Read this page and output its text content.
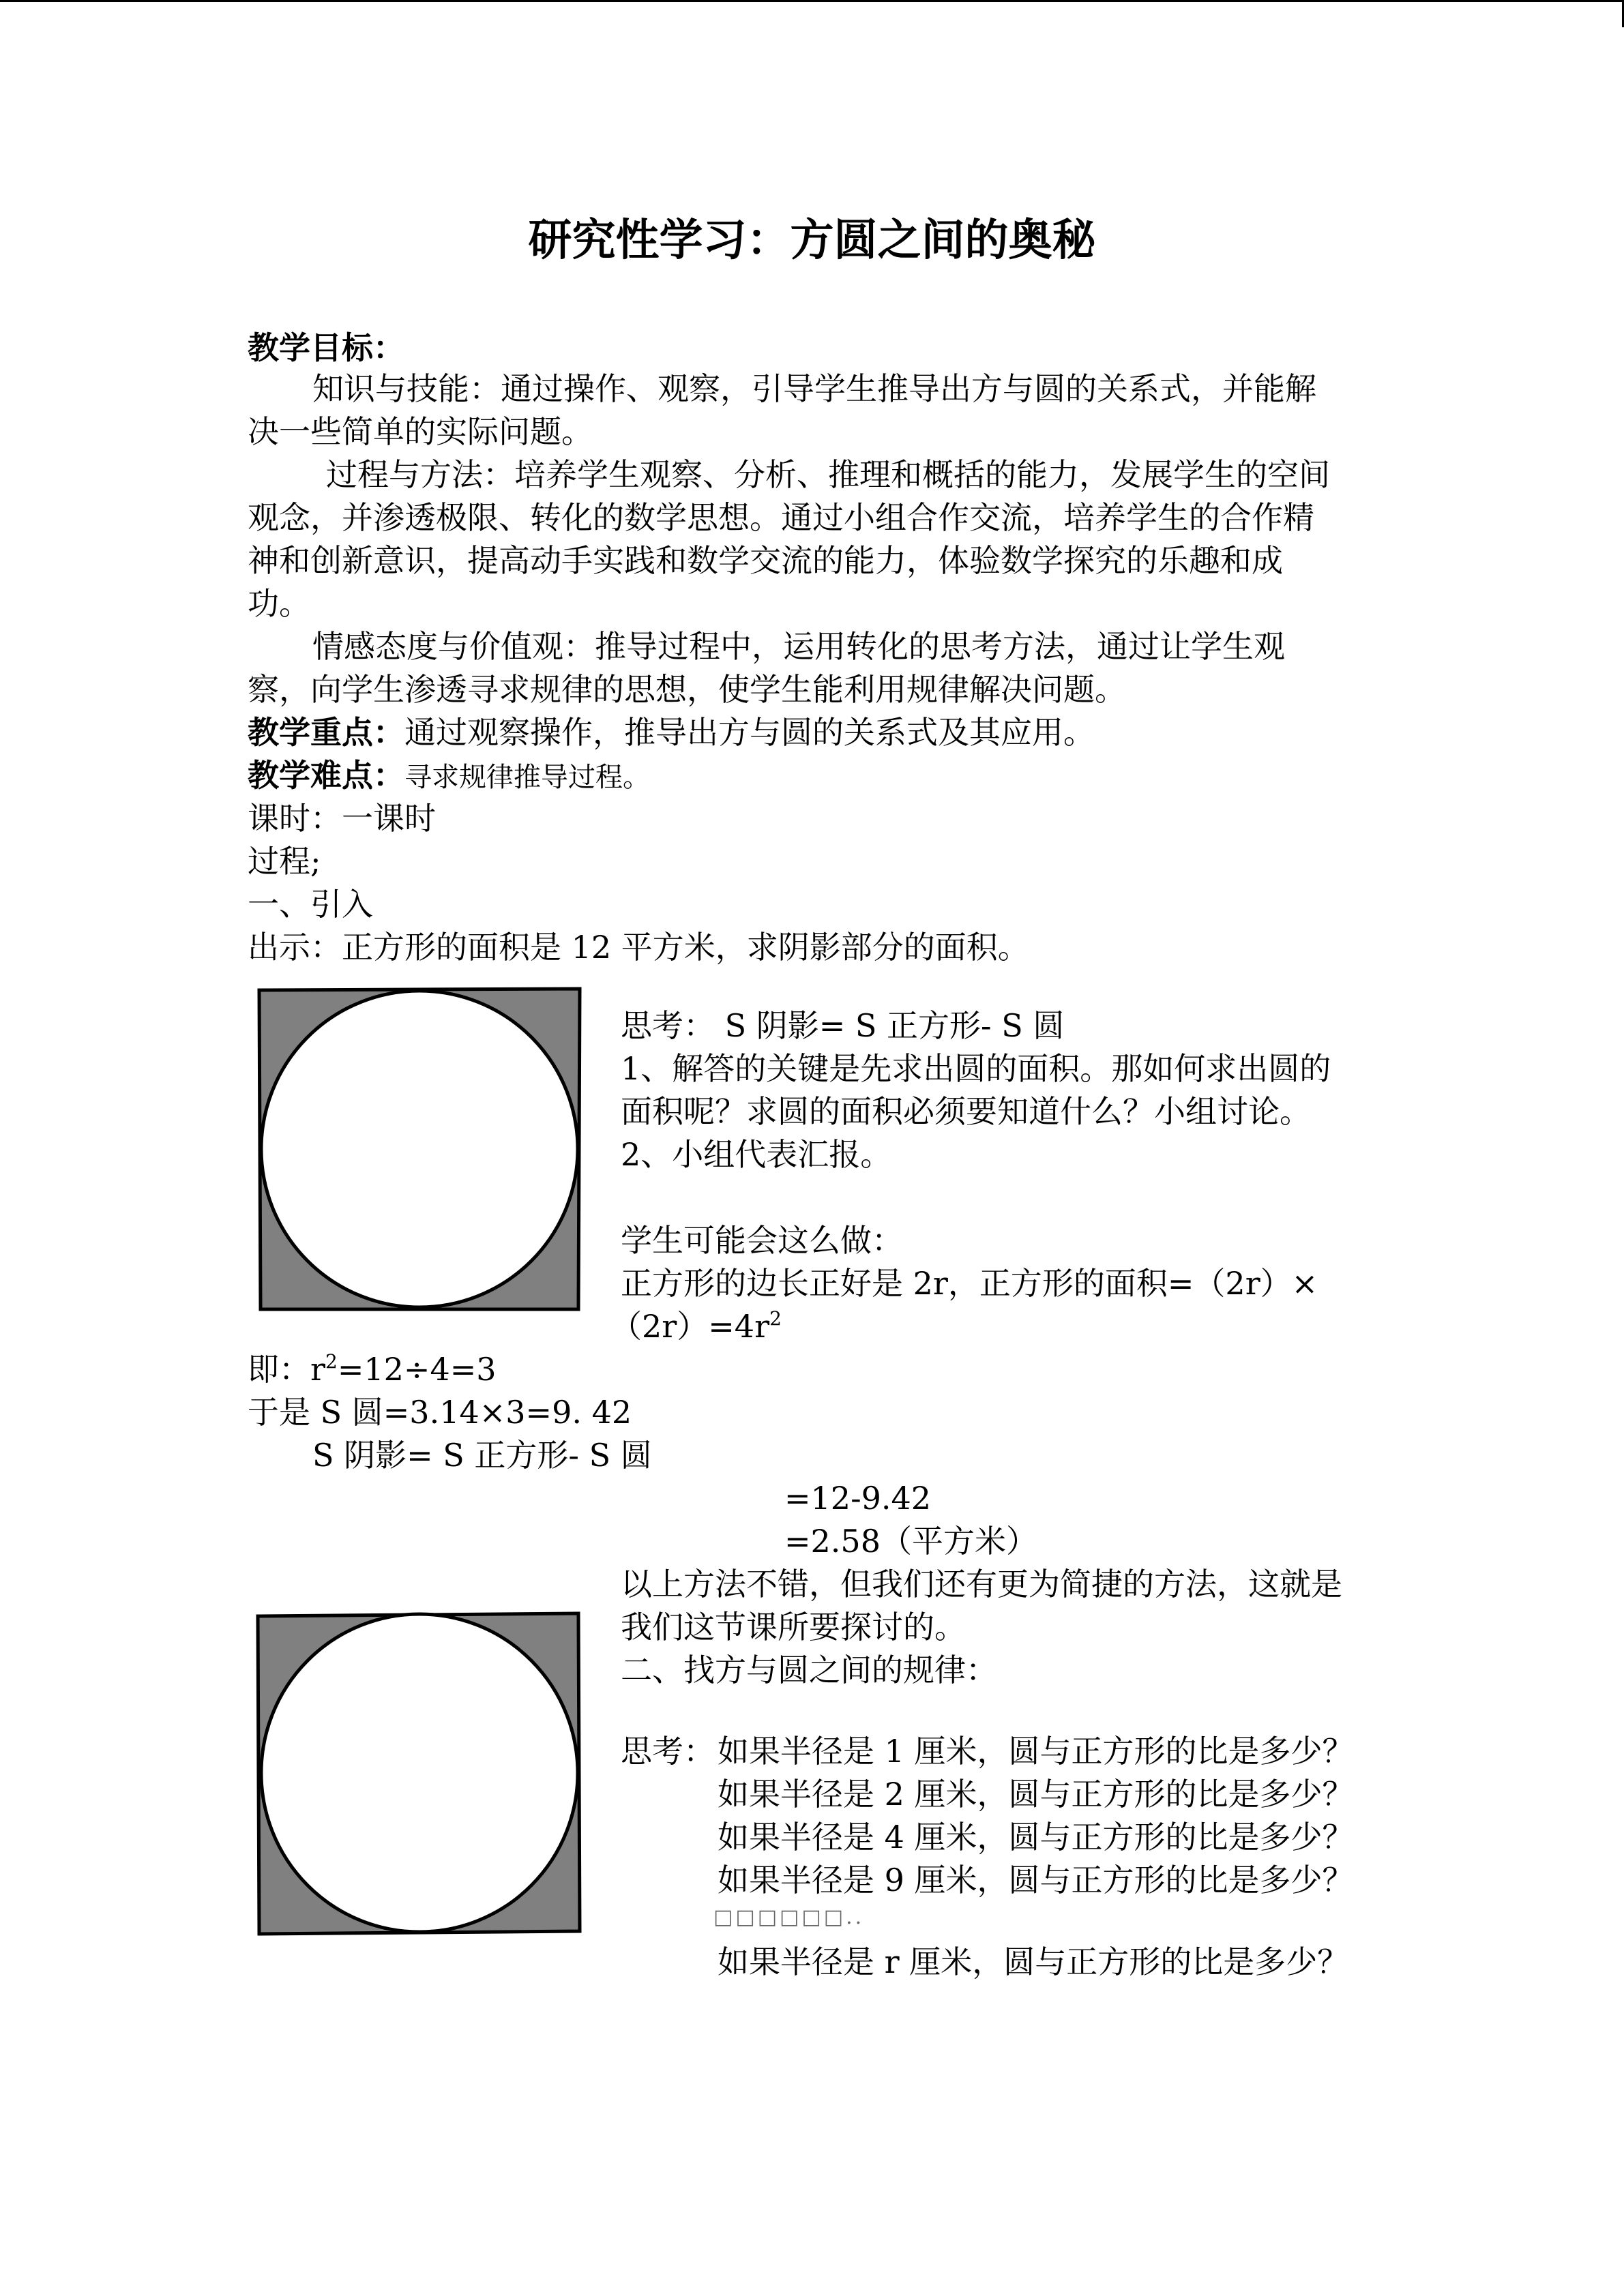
研究性学习：方圆之间的奥秘
教学目标：
知识与技能：通过操作、观察，引导学生推导出方与圆的关系式，并能解
决一些简单的实际问题。
过程与方法：培养学生观察、分析、推理和概括的能力，发展学生的空间
观念，并渗透极限、转化的数学思想。通过小组合作交流，培养学生的合作精
神和创新意识，提高动手实践和数学交流的能力，体验数学探究的乐趣和成
功。
情感态度与价值观：推导过程中，运用转化的思考方法，通过让学生观
察，向学生渗透寻求规律的思想，使学生能利用规律解决问题。
教学重点：通过观察操作，推导出方与圆的关系式及其应用。
教学难点：寻求规律推导过程。
课时：一课时
过程;
一、引入
出示：正方形的面积是 12 平方米，求阴影部分的面积。
思考： S 阴影= S 正方形- S 圆
1、解答的关键是先求出圆的面积。那如何求出圆的
面积呢？求圆的面积必须要知道什么？小组讨论。
2、小组代表汇报。
学生可能会这么做：
正方形的边长正好是 2r，正方形的面积=（2r）×
$(2r)=4r^2$
即：$r^2=12\div 4=3$
于是 S 圆=3.14×3=9. 42
S 阴影= S 正方形- S 圆
=12-9.42
=2.58（平方米）
以上方法不错，但我们还有更为简捷的方法，这就是
我们这节课所要探讨的。
二、找方与圆之间的规律：
思考： 如果半径是 1 厘米，圆与正方形的比是多少？
如果半径是 2 厘米，圆与正方形的比是多少？
如果半径是 4 厘米，圆与正方形的比是多少？
如果半径是 9 厘米，圆与正方形的比是多少？
□□□□□□..
如果半径是 r 厘米，圆与正方形的比是多少？
